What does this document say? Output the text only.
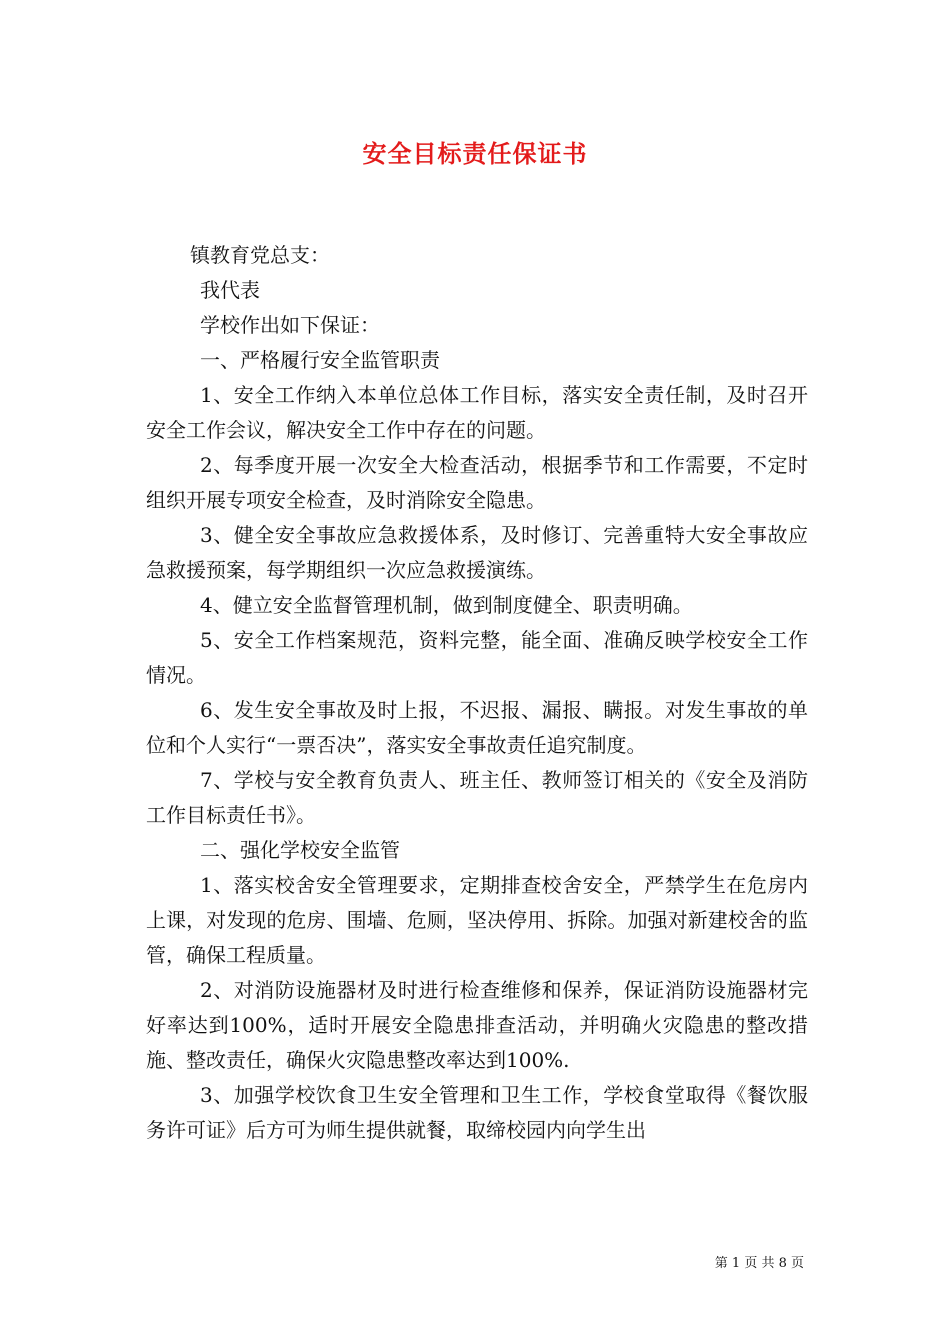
安全目标责任保证书

镇教育党总支：

我代表

学校作出如下保证：

一、严格履行安全监管职责

1、安全工作纳入本单位总体工作目标，落实安全责任制，及时召开安全工作会议，解决安全工作中存在的问题。

2、每季度开展一次安全大检查活动，根据季节和工作需要，不定时组织开展专项安全检查，及时消除安全隐患。

3、健全安全事故应急救援体系，及时修订、完善重特大安全事故应急救援预案，每学期组织一次应急救援演练。

4、健立安全监督管理机制，做到制度健全、职责明确。

5、安全工作档案规范，资料完整，能全面、准确反映学校安全工作情况。

6、发生安全事故及时上报，不迟报、漏报、瞒报。对发生事故的单位和个人实行“一票否决”，落实安全事故责任追究制度。

7、学校与安全教育负责人、班主任、教师签订相关的《安全及消防工作目标责任书》。

二、强化学校安全监管

1、落实校舍安全管理要求，定期排查校舍安全，严禁学生在危房内上课，对发现的危房、围墙、危厕，坚决停用、拆除。加强对新建校舍的监管，确保工程质量。

2、对消防设施器材及时进行检查维修和保养，保证消防设施器材完好率达到100%，适时开展安全隐患排查活动，并明确火灾隐患的整改措施、整改责任，确保火灾隐患整改率达到100%.

3、加强学校饮食卫生安全管理和卫生工作，学校食堂取得《餐饮服务许可证》后方可为师生提供就餐，取缔校园内向学生出

第 1 页 共 8 页
